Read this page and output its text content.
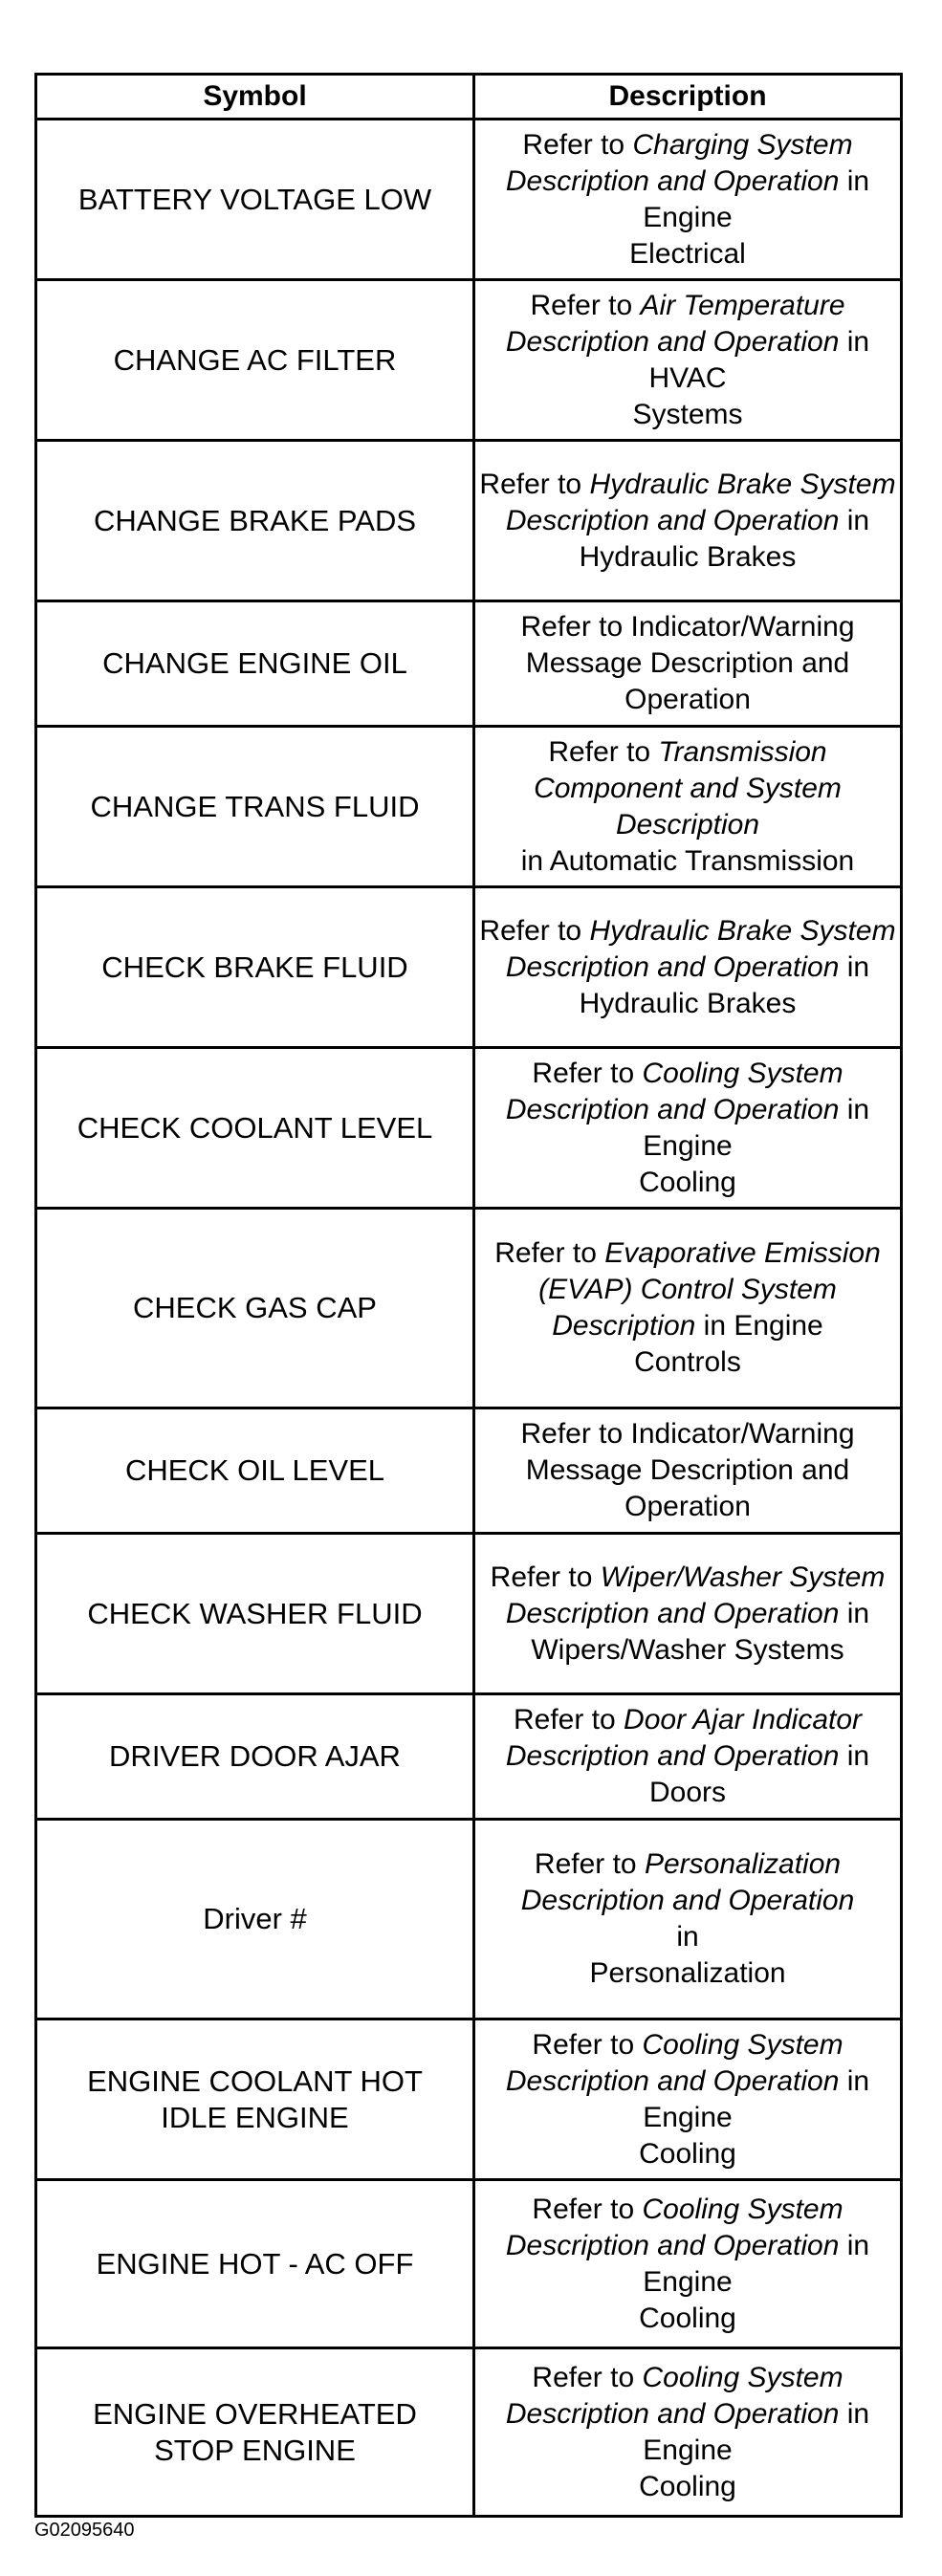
Symbol	Description
BATTERY VOLTAGE LOW	Refer to Charging System Description and Operation in Engine
Electrical

CHANGE AC FILTER	Refer to Air Temperature Description and Operation in HVAC
Systems

CHANGE BRAKE PADS	Refer to Hydraulic Brake System Description and Operation in
Hydraulic Brakes

CHANGE ENGINE OIL	Refer to Indicator/Warning Message Description and Operation

CHANGE TRANS FLUID	Refer to Transmission Component and System Description
in Automatic Transmission

CHECK BRAKE FLUID	Refer to Hydraulic Brake System Description and Operation in
Hydraulic Brakes

CHECK COOLANT LEVEL	Refer to Cooling System Description and Operation in Engine
Cooling

CHECK GAS CAP	Refer to Evaporative Emission (EVAP) Control System Description in Engine
Controls

CHECK OIL LEVEL	Refer to Indicator/Warning Message Description and Operation

CHECK WASHER FLUID	Refer to Wiper/Washer System Description and Operation in
Wipers/Washer Systems

DRIVER DOOR AJAR	Refer to Door Ajar Indicator Description and Operation in Doors

Driver #	Refer to Personalization Description and Operation
in
Personalization

ENGINE COOLANT HOT
IDLE ENGINE	Refer to Cooling System Description and Operation in Engine
Cooling

ENGINE HOT - AC OFF	Refer to Cooling System Description and Operation in Engine
Cooling

ENGINE OVERHEATED
STOP ENGINE	Refer to Cooling System Description and Operation in Engine
Cooling
G02095640
